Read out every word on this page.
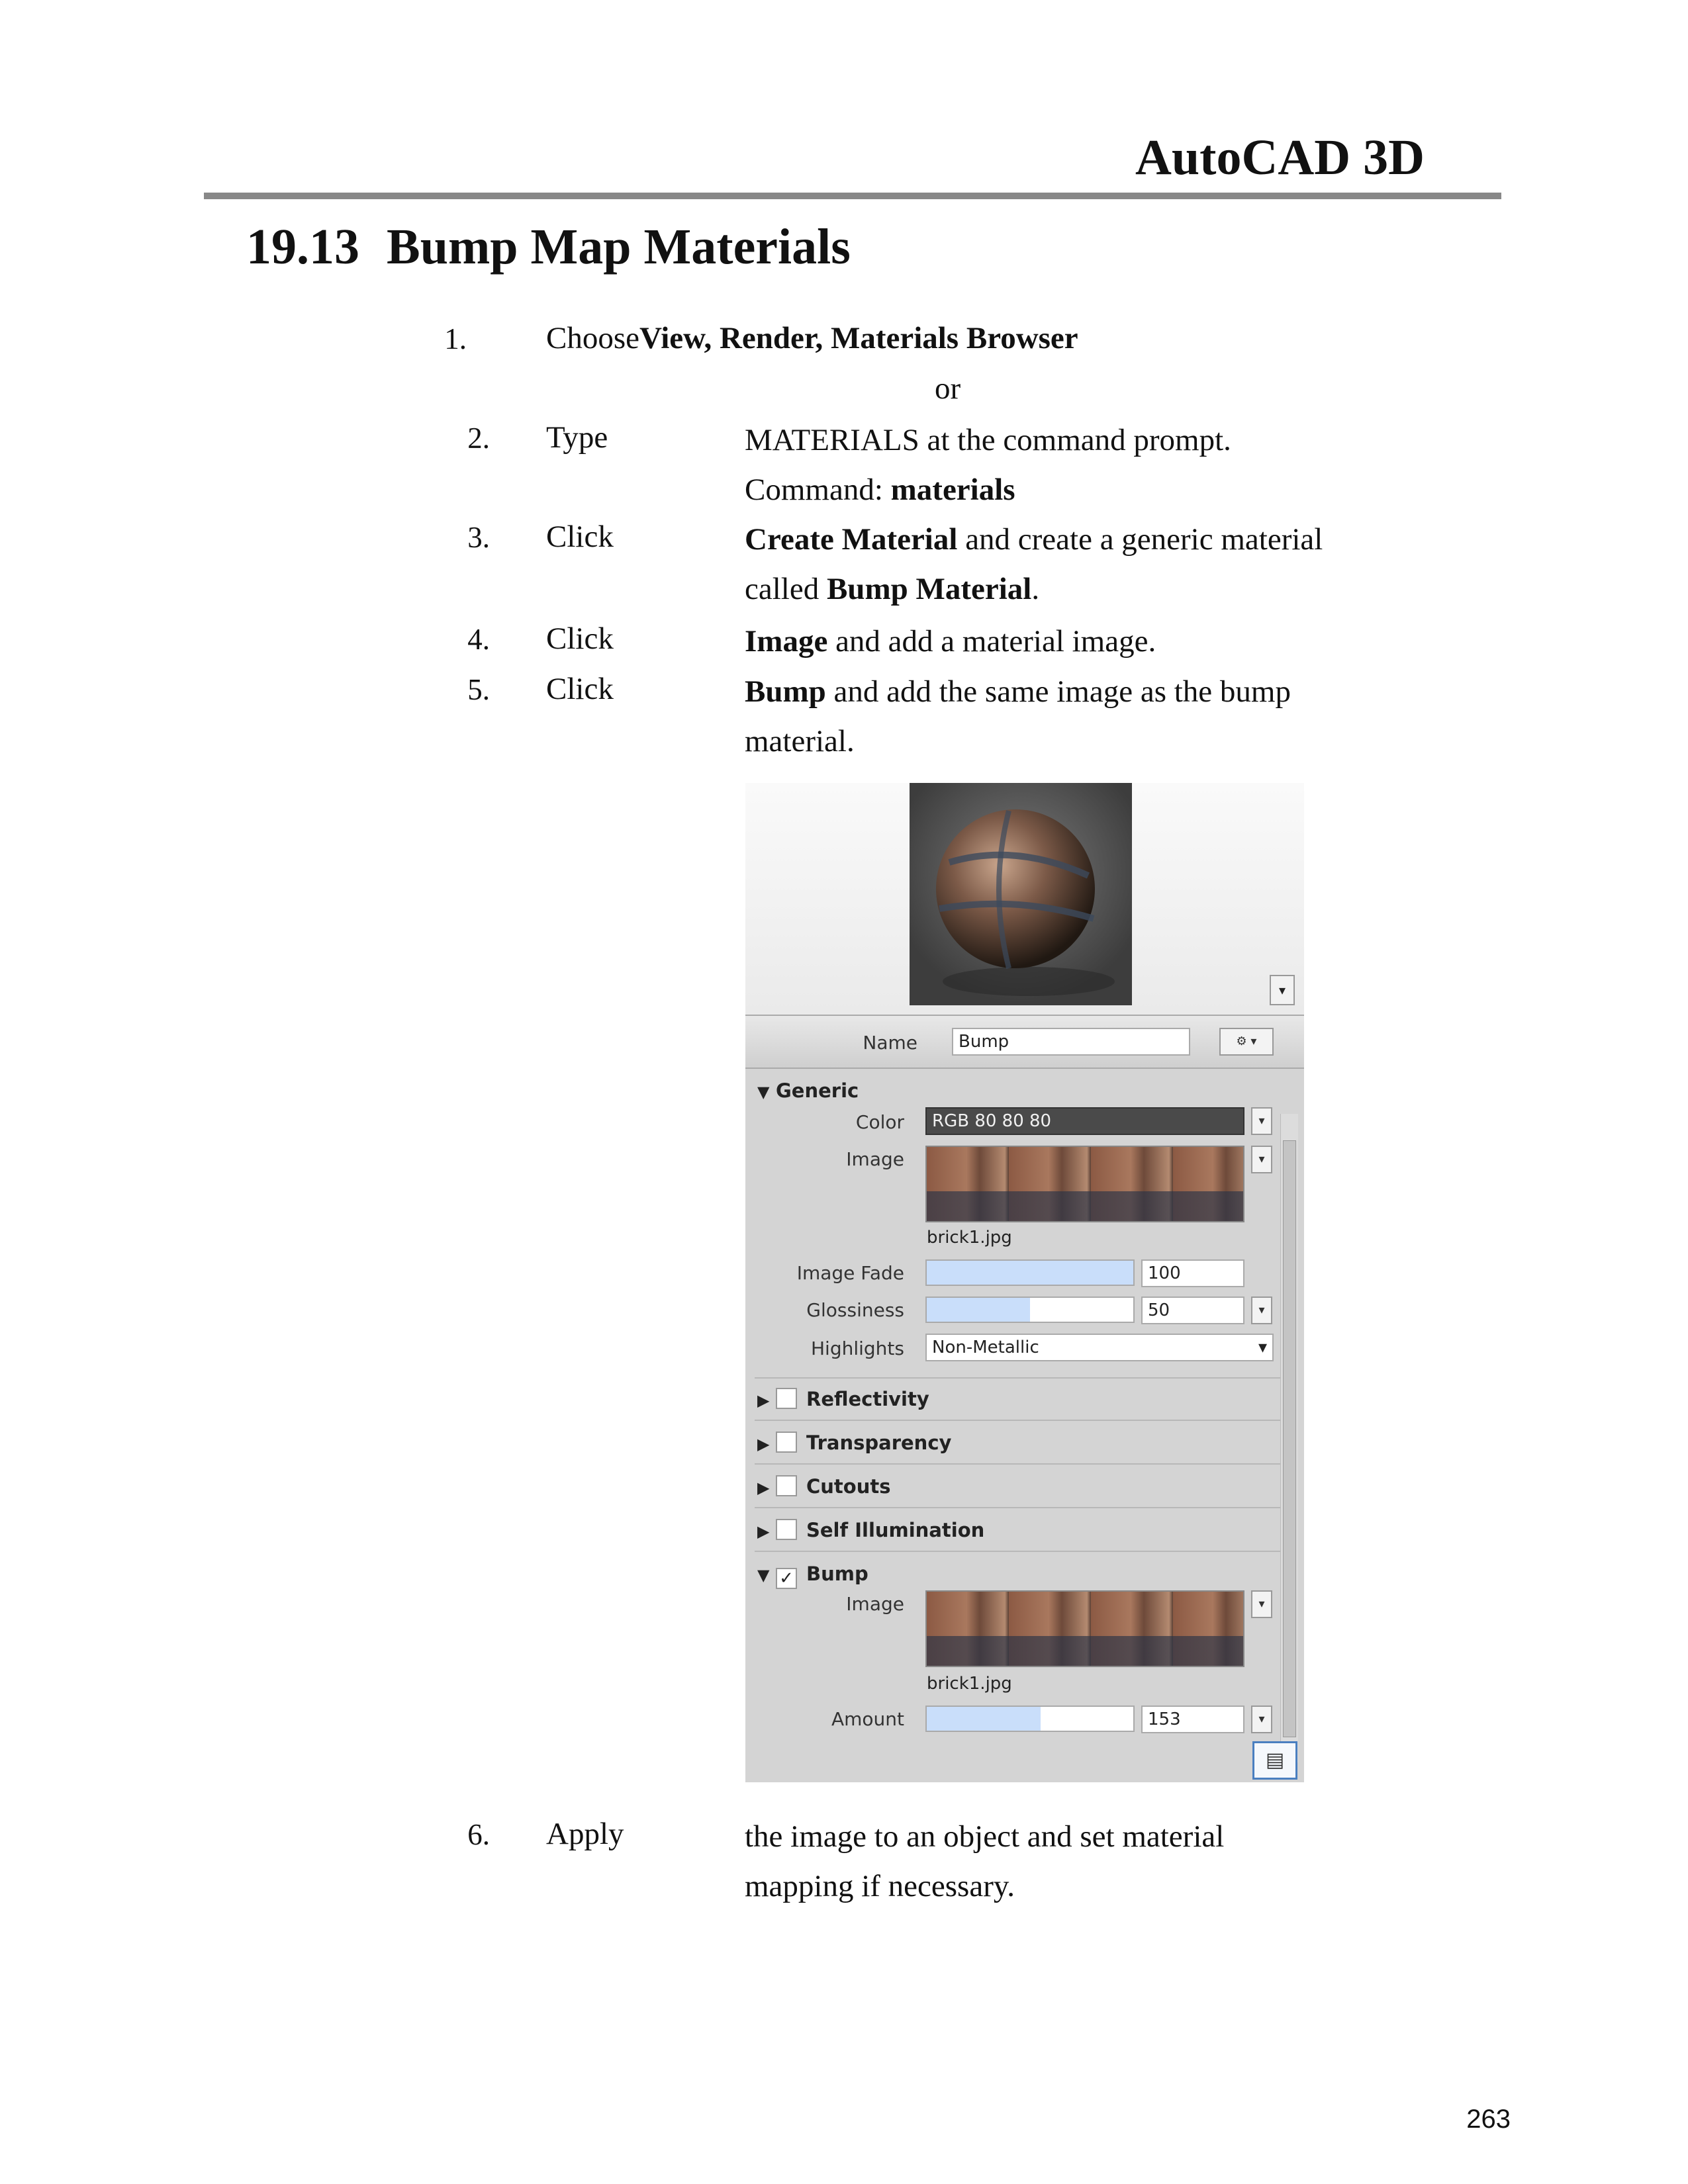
AutoCAD 3D
19.13 Bump Map Materials
1.	ChooseView, Render, Materials Browser
or
2. Type	MATERIALS at the command prompt.
Command: materials
3. Click	Create Material and create a generic material
called Bump Material.
4. Click	Image and add a material image.
5. Click	Bump and add the same image as the bump
material.
▾
Name	Bump	⚙ ▾
▼ Generic
Color	RGB 80 80 80	▾
Image	▾
brick1.jpg
Image Fade	100
Glossiness	50	▾
Highlights	Non-Metallic	▾
▶ Reflectivity
▶ Transparency
▶ Cutouts
▶ Self Illumination
▼ ✓ Bump
Image	▾
brick1.jpg
Amount	153	▾
▤
6. Apply	the image to an object and set material
mapping if necessary.
263
